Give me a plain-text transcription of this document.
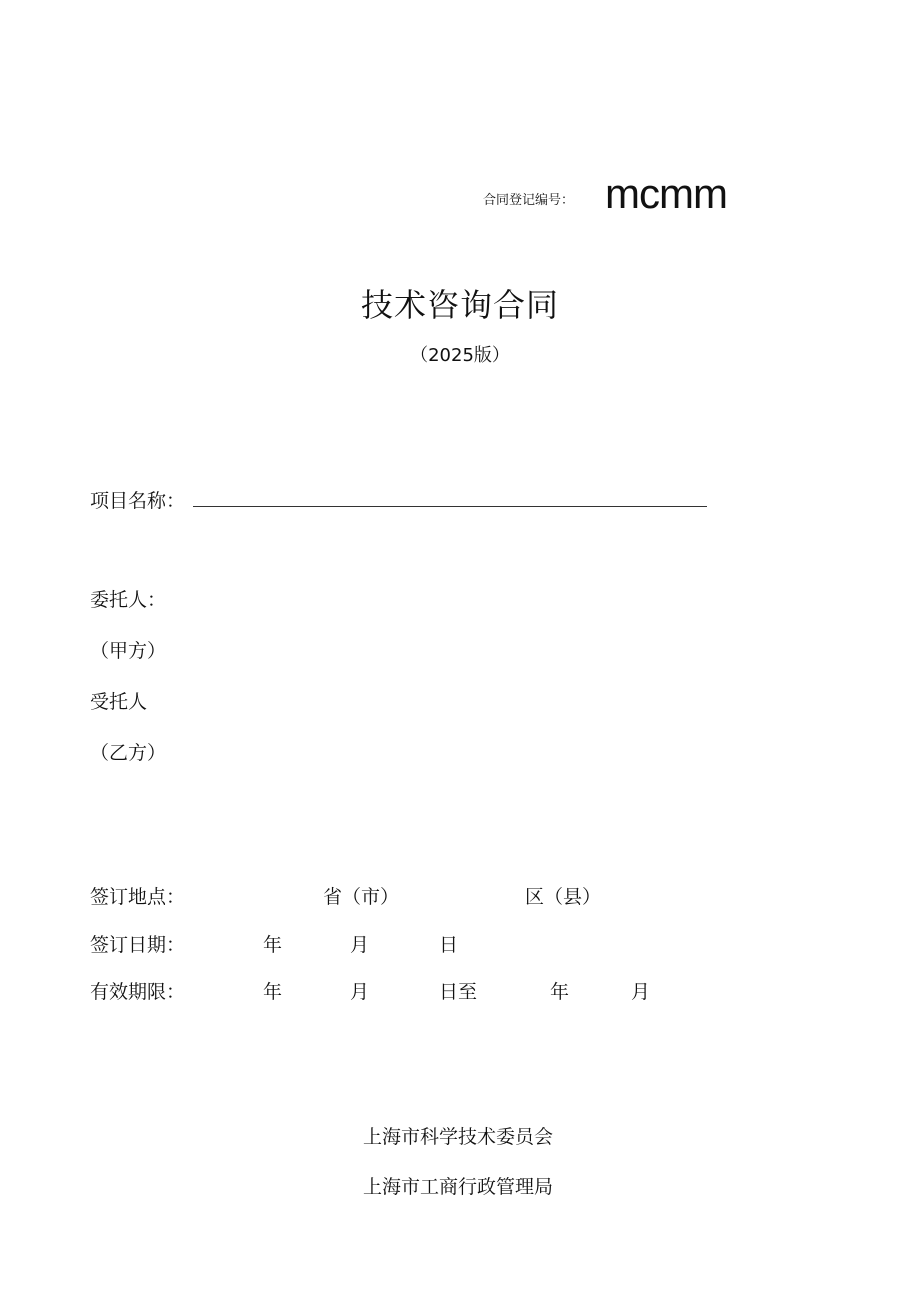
合同登记编号： mcmm
技术咨询合同
（2025版）
项目名称：
委托人：
（甲方）
受托人
（乙方）
签订地点：	省（市）	区（县）
签订日期：	年	月	日
有效期限：	年	月	日至	年	月
上海市科学技术委员会
上海市工商行政管理局
